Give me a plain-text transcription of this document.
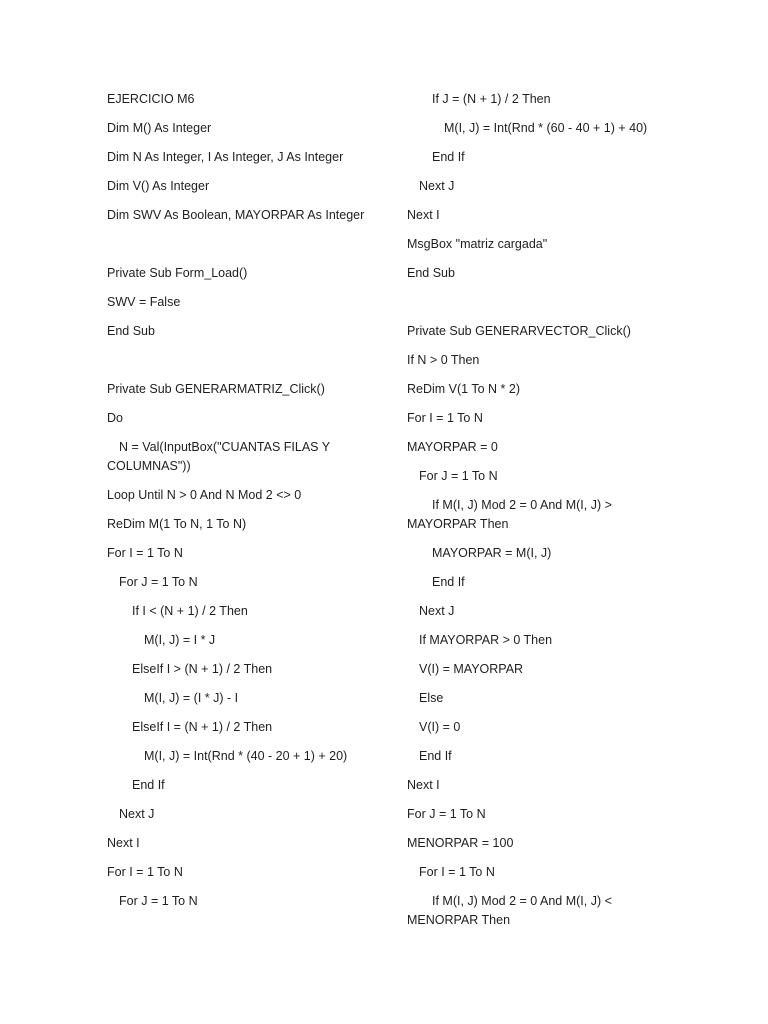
EJERCICIO M6
Dim M() As Integer
Dim N As Integer, I As Integer, J As Integer
Dim V() As Integer
Dim SWV As Boolean, MAYORPAR As Integer
Private Sub Form_Load()
SWV = False
End Sub
Private Sub GENERARMATRIZ_Click()
Do
N = Val(InputBox("CUANTAS FILAS Y
COLUMNAS"))
Loop Until N > 0 And N Mod 2 <> 0
ReDim M(1 To N, 1 To N)
For I = 1 To N
For J = 1 To N
If I < (N + 1) / 2 Then
M(I, J) = I * J
ElseIf I > (N + 1) / 2 Then
M(I, J) = (I * J) - I
ElseIf I = (N + 1) / 2 Then
M(I, J) = Int(Rnd * (40 - 20 + 1) + 20)
End If
Next J
Next I
For I = 1 To N
For J = 1 To N
If J = (N + 1) / 2 Then
M(I, J) = Int(Rnd * (60 - 40 + 1) + 40)
End If
Next J
Next I
MsgBox "matriz cargada"
End Sub
Private Sub GENERARVECTOR_Click()
If N > 0 Then
ReDim V(1 To N * 2)
For I = 1 To N
MAYORPAR = 0
For J = 1 To N
If M(I, J) Mod 2 = 0 And M(I, J) >
MAYORPAR Then
MAYORPAR = M(I, J)
End If
Next J
If MAYORPAR > 0 Then
V(I) = MAYORPAR
Else
V(I) = 0
End If
Next I
For J = 1 To N
MENORPAR = 100
For I = 1 To N
If M(I, J) Mod 2 = 0 And M(I, J) <
MENORPAR Then
